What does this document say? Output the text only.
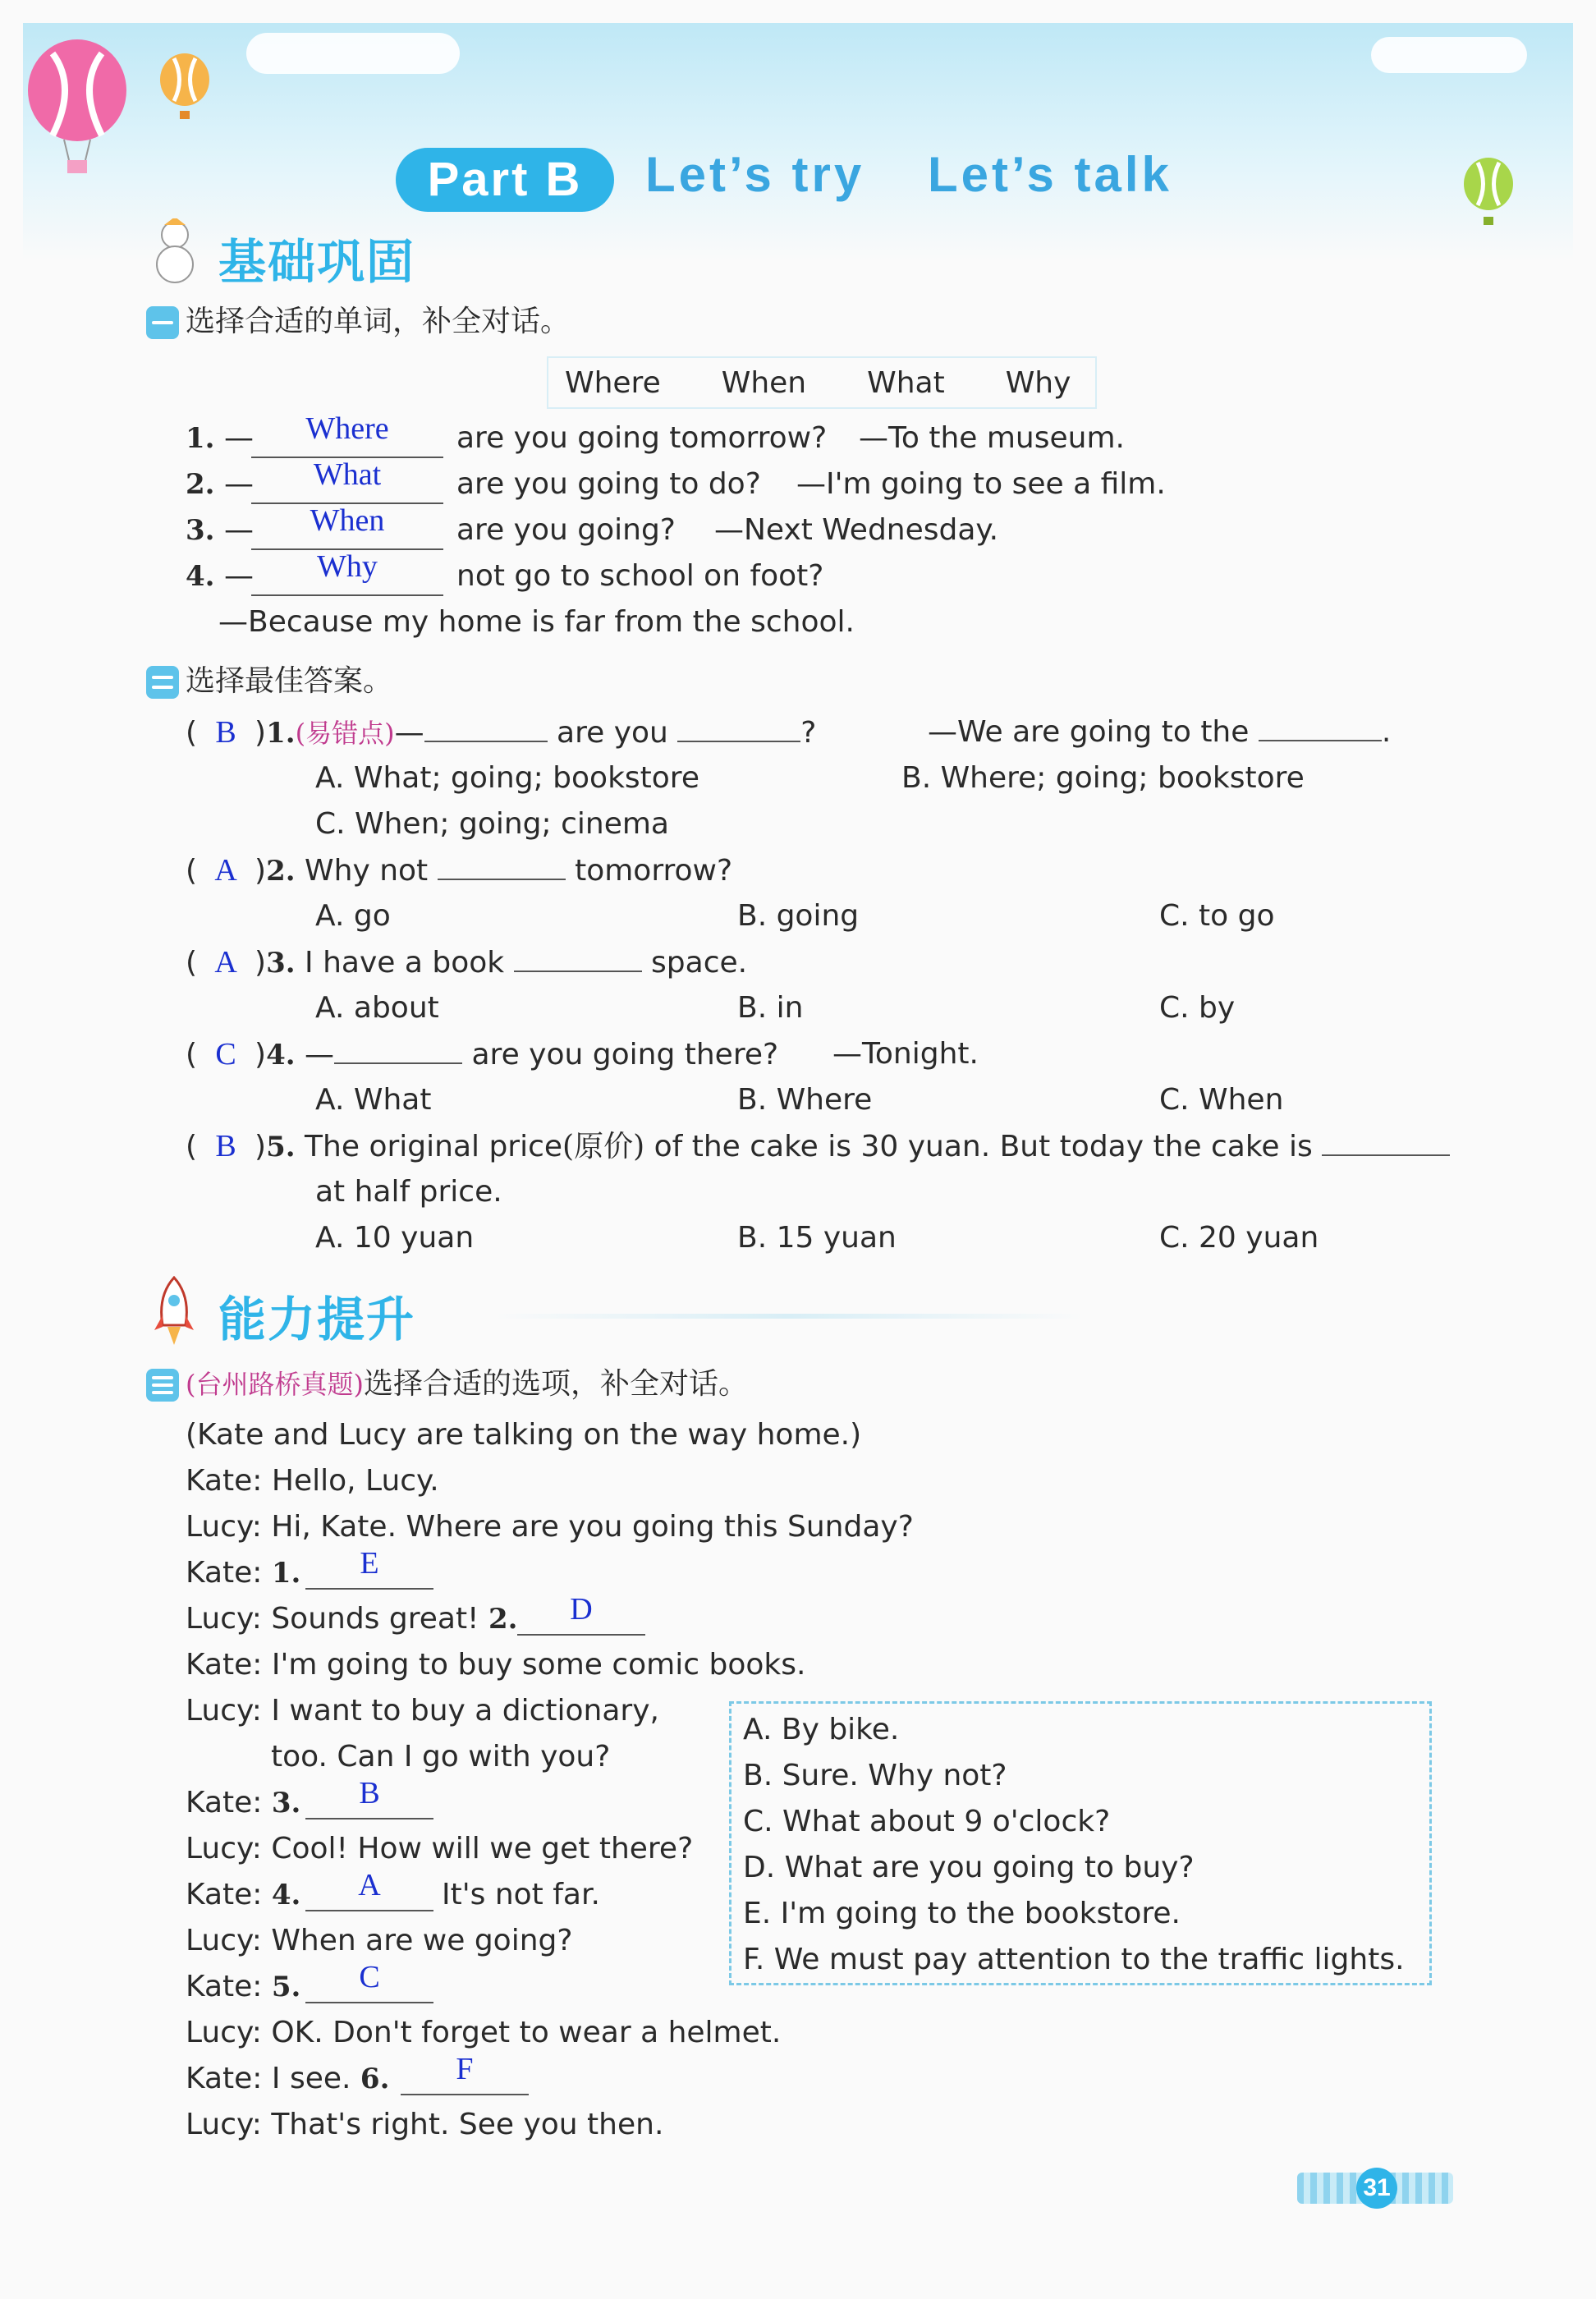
Part B	Let’s try Let’s talk
基础巩固
选择合适的单词，补全对话。
Where When What Why
1. —	Where	are you going tomorrow? —To the museum.
2. —	What	are you going to do? —I'm going to see a film.
3. —	When	are you going? —Next Wednesday.
4. —	Why	not go to school on foot?
—Because my home is far from the school.
选择最佳答案。
( B )1.(易错点)—	are you	?	—We are going to the	.
A. What; going; bookstore	B. Where; going; bookstore
C. When; going; cinema
( A )2. Why not	tomorrow?
A. go	B. going	C. to go
( A )3. I have a book	space.
A. about	B. in	C. by
( C )4. —	are you going there? —Tonight.
A. What	B. Where	C. When
( B )5. The original price(原价) of the cake is 30 yuan. But today the cake is
at half price.
A. 10 yuan	B. 15 yuan	C. 20 yuan
能力提升
(台州路桥真题)选择合适的选项，补全对话。
(Kate and Lucy are talking on the way home.)
Kate: Hello, Lucy.
Lucy: Hi, Kate. Where are you going this Sunday?
Kate: 1.	E
Lucy: Sounds great! 2.	D
Kate: I'm going to buy some comic books.
Lucy: I want to buy a dictionary,
too. Can I go with you?
Kate: 3.	B
Lucy: Cool! How will we get there?
Kate: 4.	A	It's not far.
Lucy: When are we going?
Kate: 5.	C
Lucy: OK. Don't forget to wear a helmet.
Kate: I see. 6.	F
Lucy: That's right. See you then.
A. By bike.
B. Sure. Why not?
C. What about 9 o'clock?
D. What are you going to buy?
E. I'm going to the bookstore.
F. We must pay attention to the traffic lights.
31
